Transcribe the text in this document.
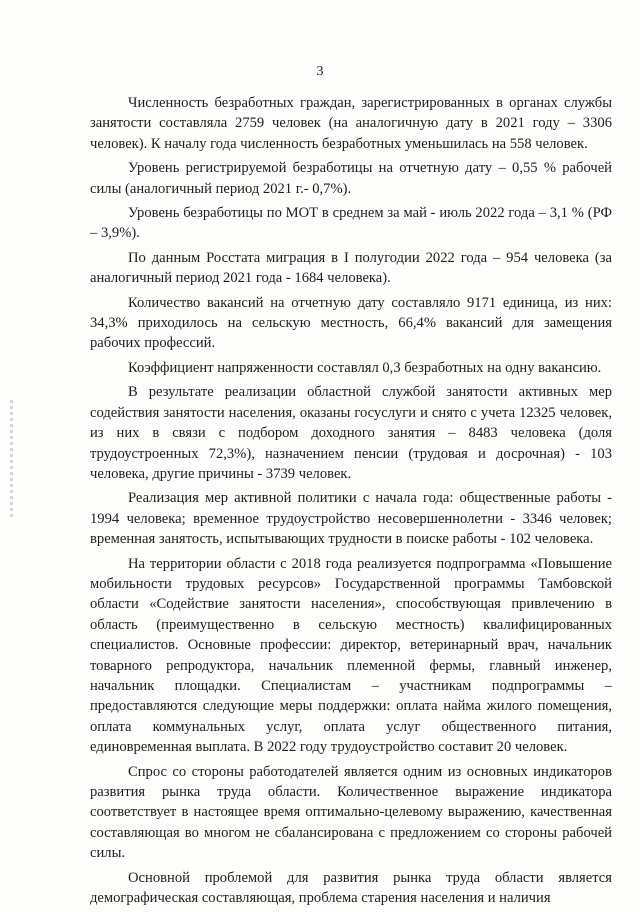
3

Численность безработных граждан, зарегистрированных в органах службы занятости составляла 2759 человек (на аналогичную дату в 2021 году – 3306 человек). К началу года численность безработных уменьшилась на 558 человек.

Уровень регистрируемой безработицы на отчетную дату – 0,55 % рабочей силы (аналогичный период 2021 г.- 0,7%).

Уровень безработицы по МОТ в среднем за май - июль 2022 года – 3,1 % (РФ – 3,9%).

По данным Росстата миграция в I полугодии 2022 года – 954 человека (за аналогичный период 2021 года - 1684 человека).

Количество вакансий на отчетную дату составляло 9171 единица, из них: 34,3% приходилось на сельскую местность, 66,4% вакансий для замещения рабочих профессий.

Коэффициент напряженности составлял 0,3 безработных на одну вакансию.

В результате реализации областной службой занятости активных мер содействия занятости населения, оказаны госуслуги и снято с учета 12325 человек, из них в связи с подбором доходного занятия – 8483 человека (доля трудоустроенных 72,3%), назначением пенсии (трудовая и досрочная) - 103 человека, другие причины - 3739 человек.

Реализация мер активной политики с начала года: общественные работы - 1994 человека; временное трудоустройство несовершеннолетни - 3346 человек; временная занятость, испытывающих трудности в поиске работы - 102 человека.

На территории области с 2018 года реализуется подпрограмма «Повышение мобильности трудовых ресурсов» Государственной программы Тамбовской области «Содействие занятости населения», способствующая привлечению в область (преимущественно в сельскую местность) квалифицированных специалистов. Основные профессии: директор, ветеринарный врач, начальник товарного репродуктора, начальник племенной фермы, главный инженер, начальник площадки. Специалистам – участникам подпрограммы – предоставляются следующие меры поддержки: оплата найма жилого помещения, оплата коммунальных услуг, оплата услуг общественного питания, единовременная выплата. В 2022 году трудоустройство составит 20 человек.

Спрос со стороны работодателей является одним из основных индикаторов развития рынка труда области. Количественное выражение индикатора соответствует в настоящее время оптимально-целевому выражению, качественная составляющая во многом не сбалансирована с предложением со стороны рабочей силы.

Основной проблемой для развития рынка труда области является демографическая составляющая, проблема старения населения и наличия
